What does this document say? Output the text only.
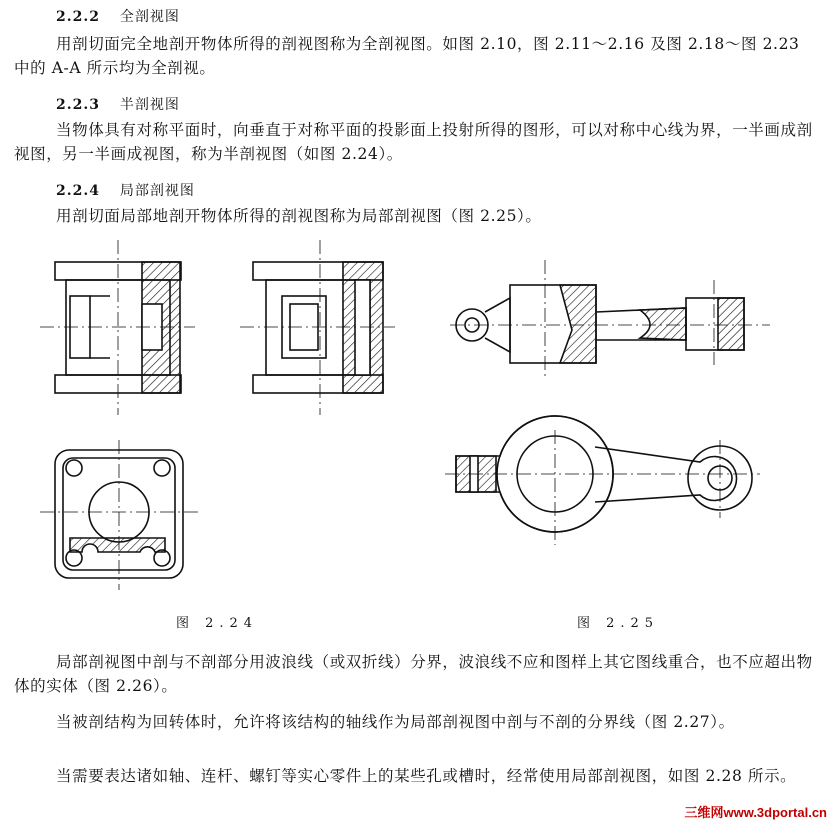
2.2.2 全剖视图

用剖切面完全地剖开物体所得的剖视图称为全剖视图。如图 2.10，图 2.11～2.16 及图 2.18～图 2.23 中的 A-A 所示均为全剖视。

2.2.3 半剖视图

当物体具有对称平面时，向垂直于对称平面的投影面上投射所得的图形，可以对称中心线为界，一半画成剖视图，另一半画成视图，称为半剖视图（如图 2.24）。

2.2.4 局部剖视图

用剖切面局部地剖开物体所得的剖视图称为局部剖视图（图 2.25）。

图 2.24	图 2.25

局部剖视图中剖与不剖部分用波浪线（或双折线）分界，波浪线不应和图样上其它图线重合，也不应超出物体的实体（图 2.26）。

当被剖结构为回转体时，允许将该结构的轴线作为局部剖视图中剖与不剖的分界线（图 2.27）。

当需要表达诸如轴、连杆、螺钉等实心零件上的某些孔或槽时，经常使用局部剖视图，如图 2.28 所示。

三维网www.3dportal.cn
